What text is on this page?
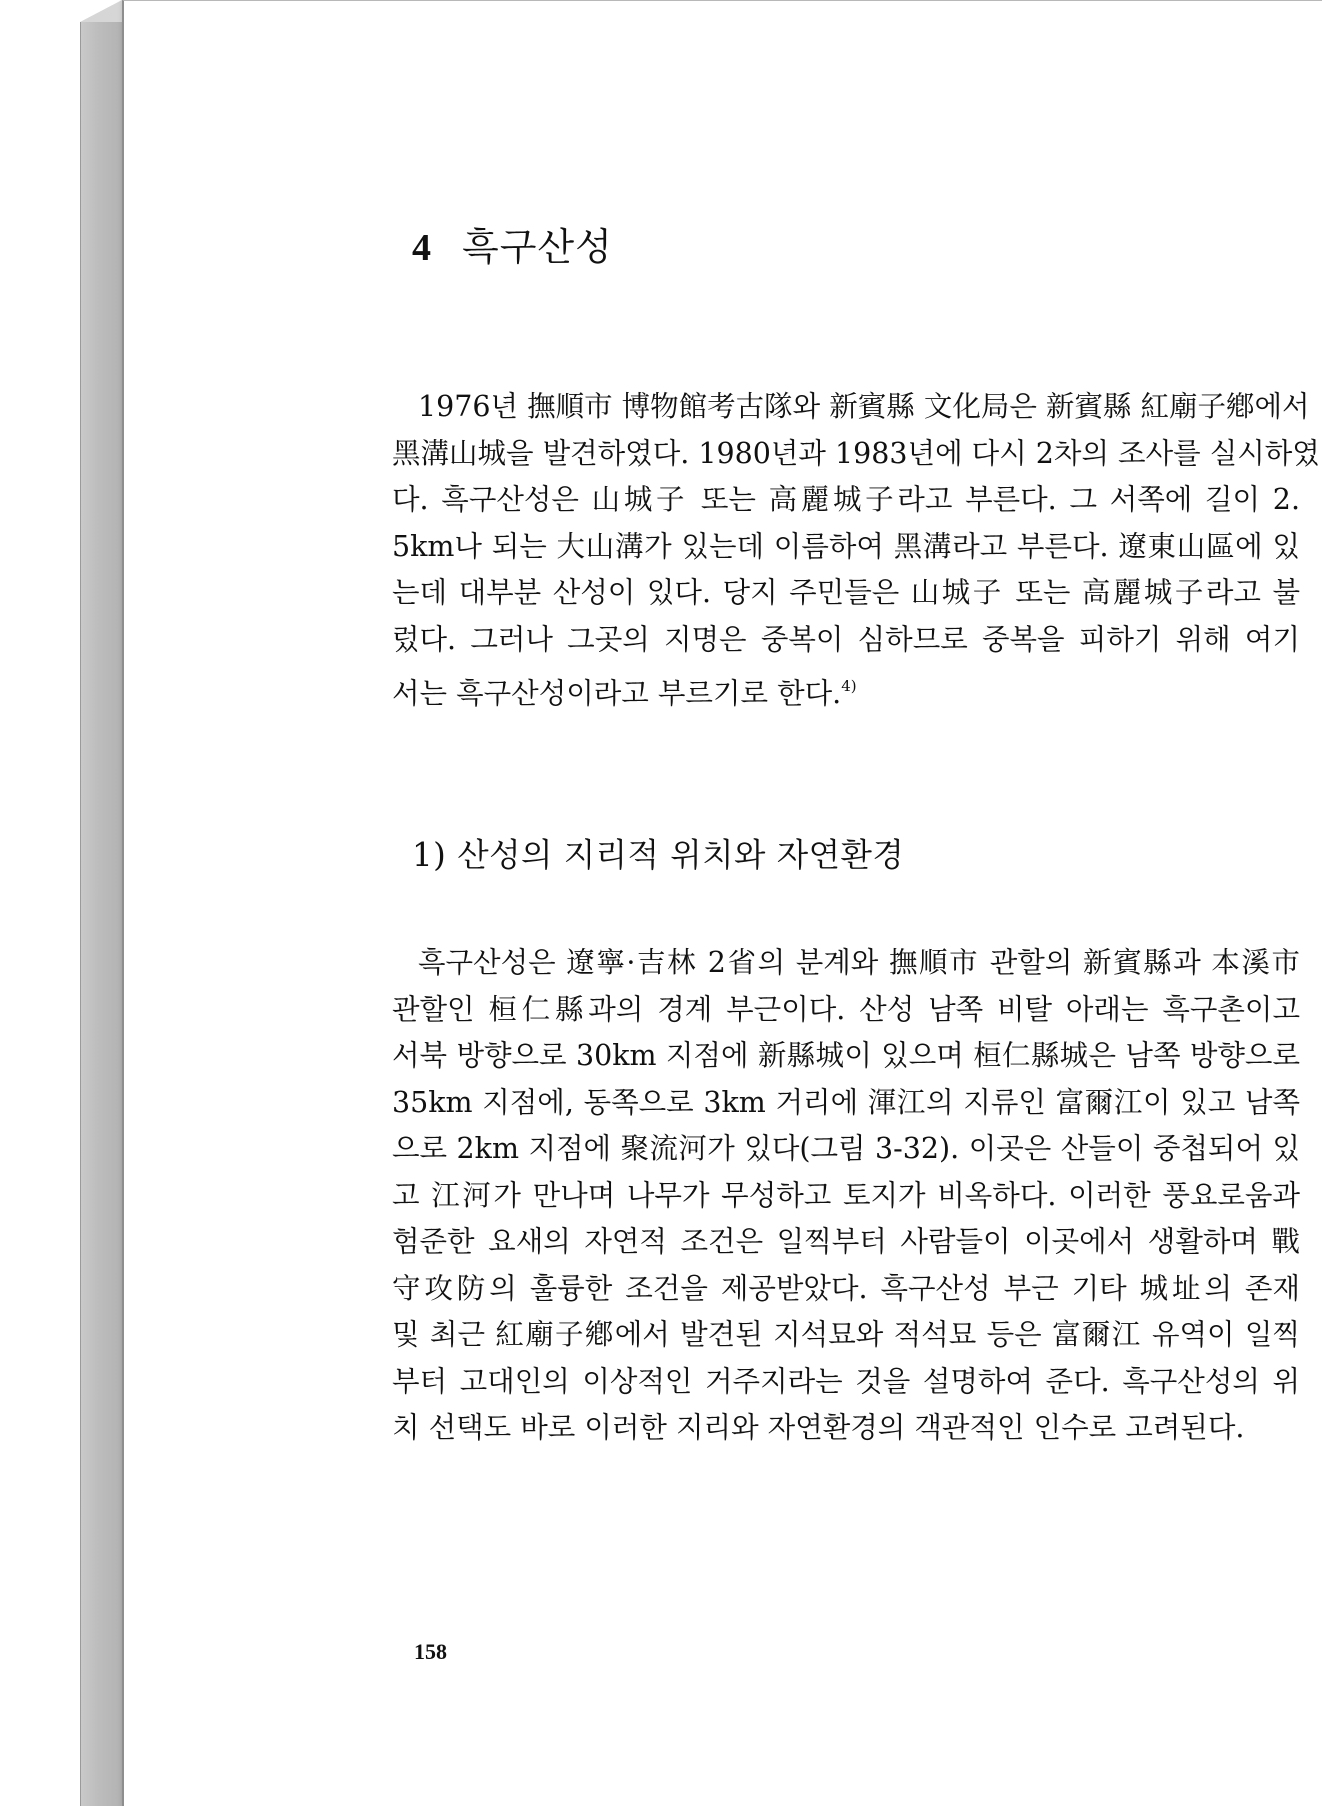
4 흑구산성

1976년 撫順市 博物館考古隊와 新賓縣 文化局은 新賓縣 紅廟子鄕에서
黑溝山城을 발견하였다. 1980년과 1983년에 다시 2차의 조사를 실시하였
다. 흑구산성은 山城子 또는 高麗城子라고 부른다. 그 서쪽에 길이 2.
5km나 되는 大山溝가 있는데 이름하여 黑溝라고 부른다. 遼東山區에 있
는데 대부분 산성이 있다. 당지 주민들은 山城子 또는 高麗城子라고 불
렀다. 그러나 그곳의 지명은 중복이 심하므로 중복을 피하기 위해 여기
서는 흑구산성이라고 부르기로 한다.$^{4)}$

1) 산성의 지리적 위치와 자연환경

흑구산성은 遼寧·吉林 2省의 분계와 撫順市 관할의 新賓縣과 本溪市
관할인 桓仁縣과의 경계 부근이다. 산성 남쪽 비탈 아래는 흑구촌이고
서북 방향으로 30km 지점에 新縣城이 있으며 桓仁縣城은 남쪽 방향으로
35km 지점에, 동쪽으로 3km 거리에 渾江의 지류인 富爾江이 있고 남쪽
으로 2km 지점에 聚流河가 있다(그림 3-32). 이곳은 산들이 중첩되어 있
고 江河가 만나며 나무가 무성하고 토지가 비옥하다. 이러한 풍요로움과
험준한 요새의 자연적 조건은 일찍부터 사람들이 이곳에서 생활하며 戰
守攻防의 훌륭한 조건을 제공받았다. 흑구산성 부근 기타 城址의 존재
및 최근 紅廟子鄕에서 발견된 지석묘와 적석묘 등은 富爾江 유역이 일찍
부터 고대인의 이상적인 거주지라는 것을 설명하여 준다. 흑구산성의 위
치 선택도 바로 이러한 지리와 자연환경의 객관적인 인수로 고려된다.

158
